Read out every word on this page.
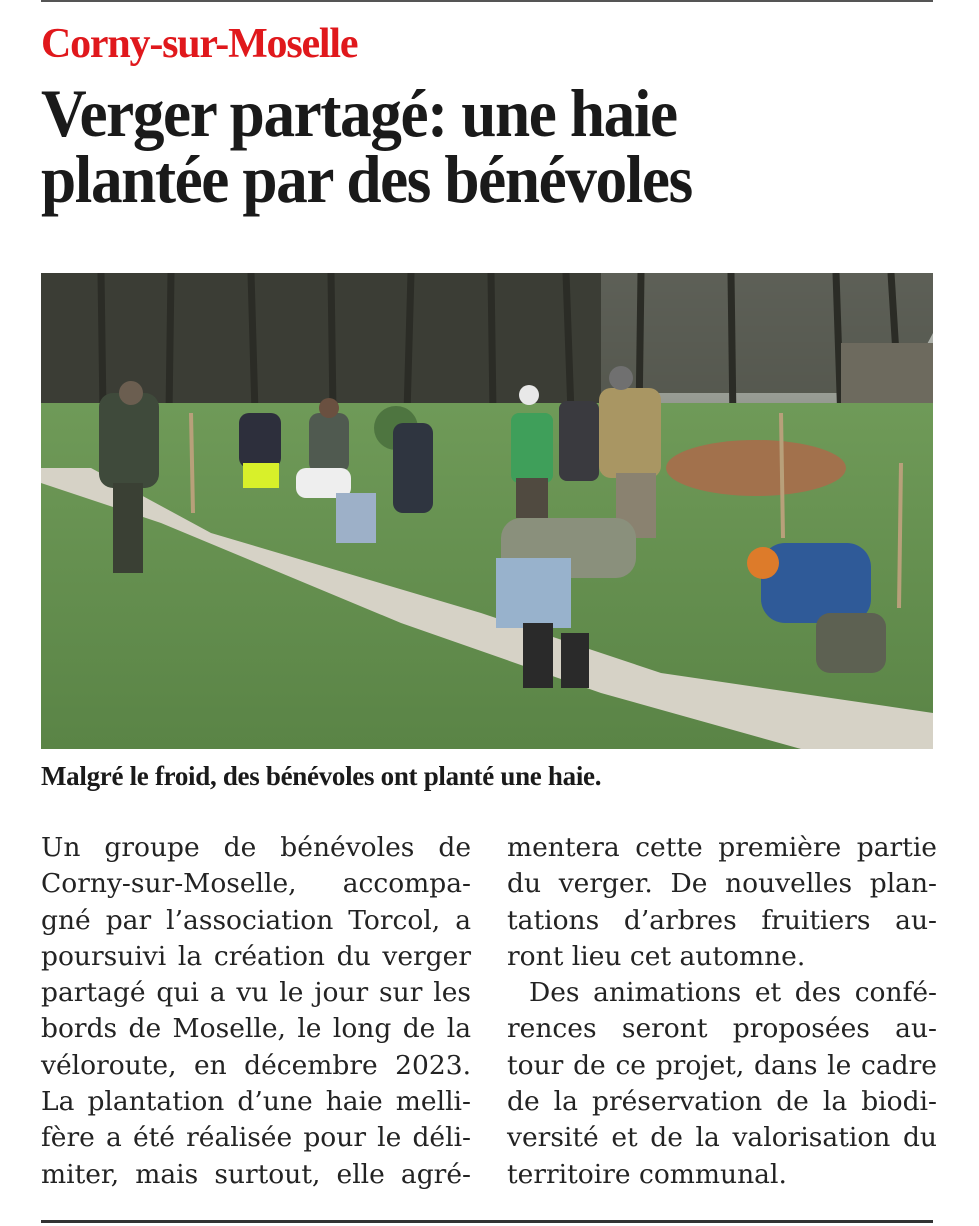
Corny-sur-Moselle
Verger partagé: une haie
plantée par des bénévoles
Malgré le froid, des bénévoles ont planté une haie.
Un groupe de bénévoles de
Corny-sur-Moselle, accompa-
gné par l’association Torcol, a
poursuivi la création du verger
partagé qui a vu le jour sur les
bords de Moselle, le long de la
véloroute, en décembre 2023.
La plantation d’une haie melli-
fère a été réalisée pour le déli-
miter, mais surtout, elle agré-
mentera cette première partie
du verger. De nouvelles plan-
tations d’arbres fruitiers au-
ront lieu cet automne.
Des animations et des confé-
rences seront proposées au-
tour de ce projet, dans le cadre
de la préservation de la biodi-
versité et de la valorisation du
territoire communal.
